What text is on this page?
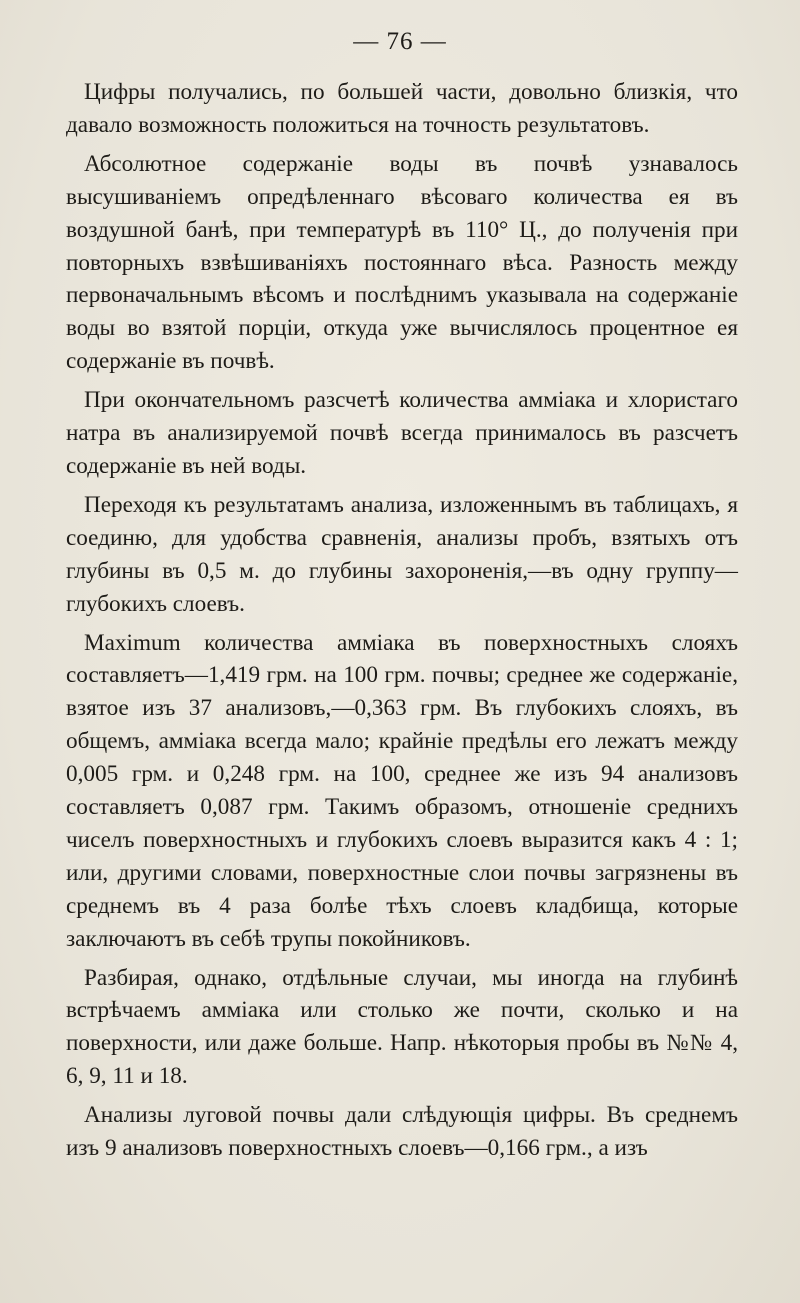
— 76 —

Цифры получались, по большей части, довольно близкія, что давало возможность положиться на точность результатовъ.

Абсолютное содержаніе воды въ почвѣ узнавалось высушиваніемъ опредѣленнаго вѣсоваго количества ея въ воздушной банѣ, при температурѣ въ 110° Ц., до полученія при повторныхъ взвѣшиваніяхъ постояннаго вѣса. Разность между первоначальнымъ вѣсомъ и послѣднимъ указывала на содержаніе воды во взятой порціи, откуда уже вычислялось процентное ея содержаніе въ почвѣ.

При окончательномъ разсчетѣ количества амміака и хлористаго натра въ анализируемой почвѣ всегда принималось въ разсчетъ содержаніе въ ней воды.

Переходя къ результатамъ анализа, изложеннымъ въ таблицахъ, я соединю, для удобства сравненія, анализы пробъ, взятыхъ отъ глубины въ 0,5 м. до глубины захороненія,—въ одну группу—глубокихъ слоевъ.

Maximum количества амміака въ поверхностныхъ слояхъ составляетъ—1,419 грм. на 100 грм. почвы; среднее же содержаніе, взятое изъ 37 анализовъ,—0,363 грм. Въ глубокихъ слояхъ, въ общемъ, амміака всегда мало; крайніе предѣлы его лежатъ между 0,005 грм. и 0,248 грм. на 100, среднее же изъ 94 анализовъ составляетъ 0,087 грм. Такимъ образомъ, отношеніе среднихъ чиселъ поверхностныхъ и глубокихъ слоевъ выразится какъ 4 : 1; или, другими словами, поверхностные слои почвы загрязнены въ среднемъ въ 4 раза болѣе тѣхъ слоевъ кладбища, которые заключаютъ въ себѣ трупы покойниковъ.

Разбирая, однако, отдѣльные случаи, мы иногда на глубинѣ встрѣчаемъ амміака или столько же почти, сколько и на поверхности, или даже больше. Напр. нѣкоторыя пробы въ №№ 4, 6, 9, 11 и 18.

Анализы луговой почвы дали слѣдующія цифры. Въ среднемъ изъ 9 анализовъ поверхностныхъ слоевъ—0,166 грм., а изъ
